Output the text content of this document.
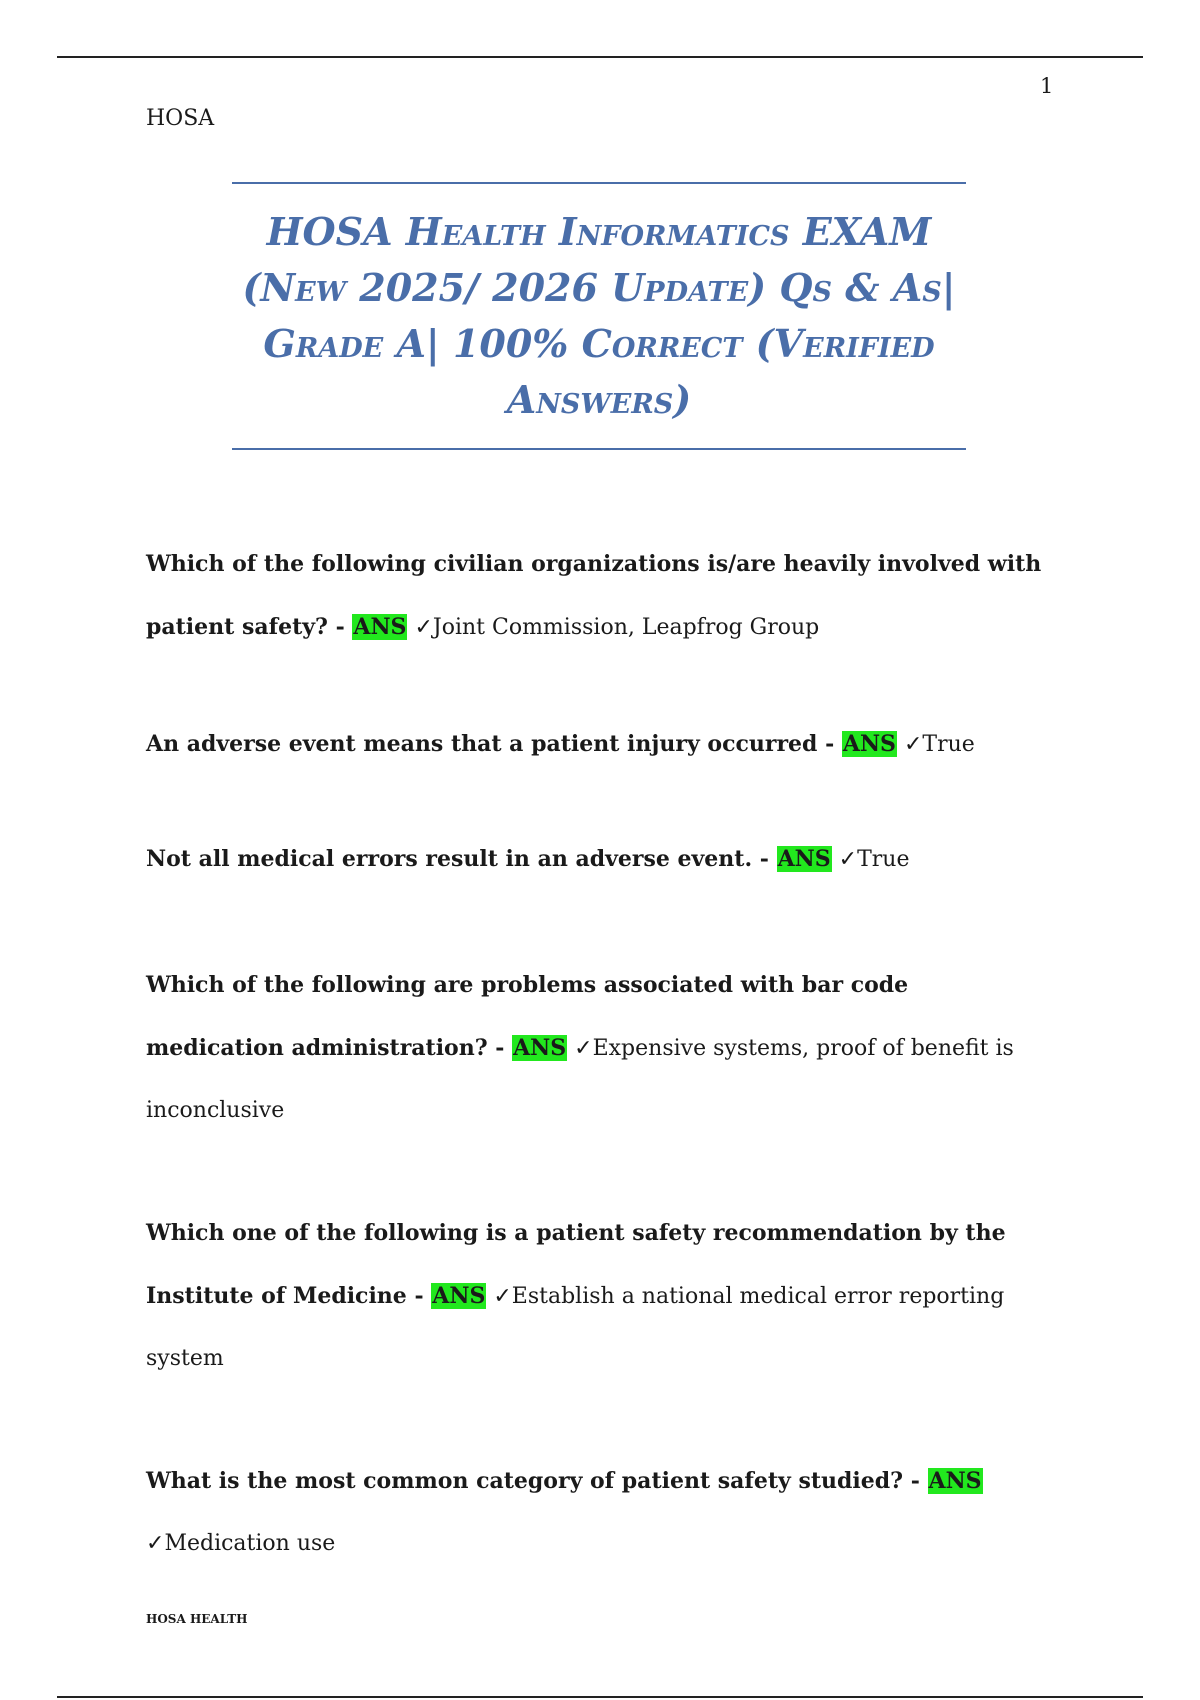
1
HOSA
HOSA Health Informatics EXAM
(New 2025/ 2026 Update) Qs & As|
Grade A| 100% Correct (Verified
Answers)

Which of the following civilian organizations is/are heavily involved with patient safety? - ANS ✓Joint Commission, Leapfrog Group

An adverse event means that a patient injury occurred - ANS ✓True

Not all medical errors result in an adverse event. - ANS ✓True

Which of the following are problems associated with bar code medication administration? - ANS ✓Expensive systems, proof of benefit is inconclusive

Which one of the following is a patient safety recommendation by the Institute of Medicine - ANS ✓Establish a national medical error reporting system

What is the most common category of patient safety studied? - ANS ✓Medication use

HOSA HEALTH
